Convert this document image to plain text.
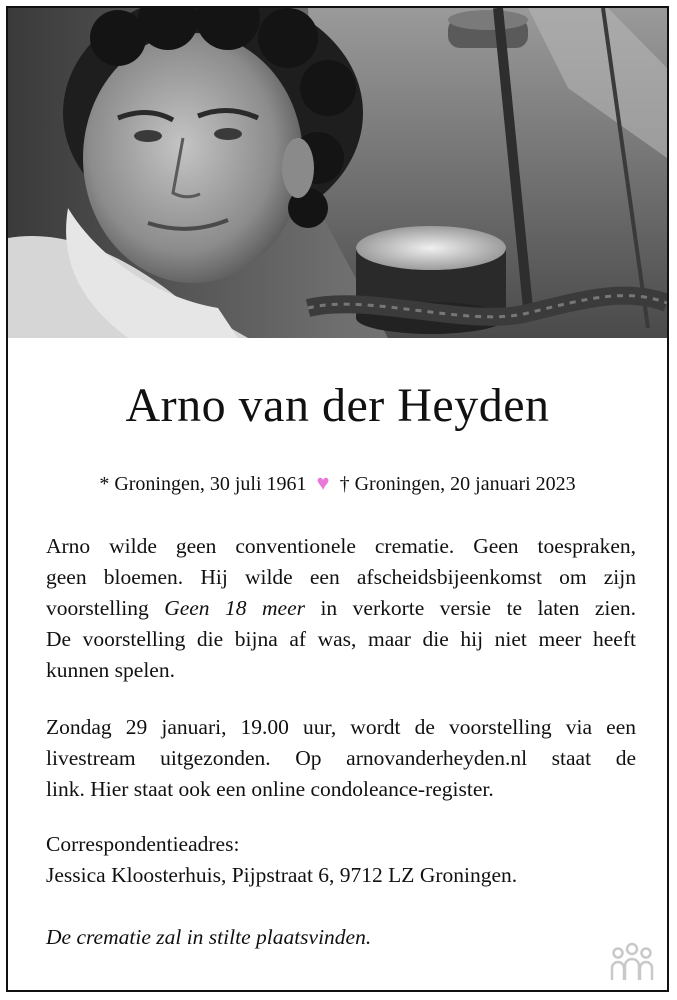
Arno van der Heyden
* Groningen, 30 juli 1961 ♥ † Groningen, 20 januari 2023
Arno wilde geen conventionele crematie. Geen toespraken,
geen bloemen. Hij wilde een afscheidsbijeenkomst om zijn
voorstelling Geen 18 meer in verkorte versie te laten zien.
De voorstelling die bijna af was, maar die hij niet meer heeft
kunnen spelen.
Zondag 29 januari, 19.00 uur, wordt de voorstelling via een
livestream uitgezonden. Op arnovanderheyden.nl staat de
link. Hier staat ook een online condoleance-register.
Correspondentieadres:
Jessica Kloosterhuis, Pijpstraat 6, 9712 LZ Groningen.
De crematie zal in stilte plaatsvinden.
